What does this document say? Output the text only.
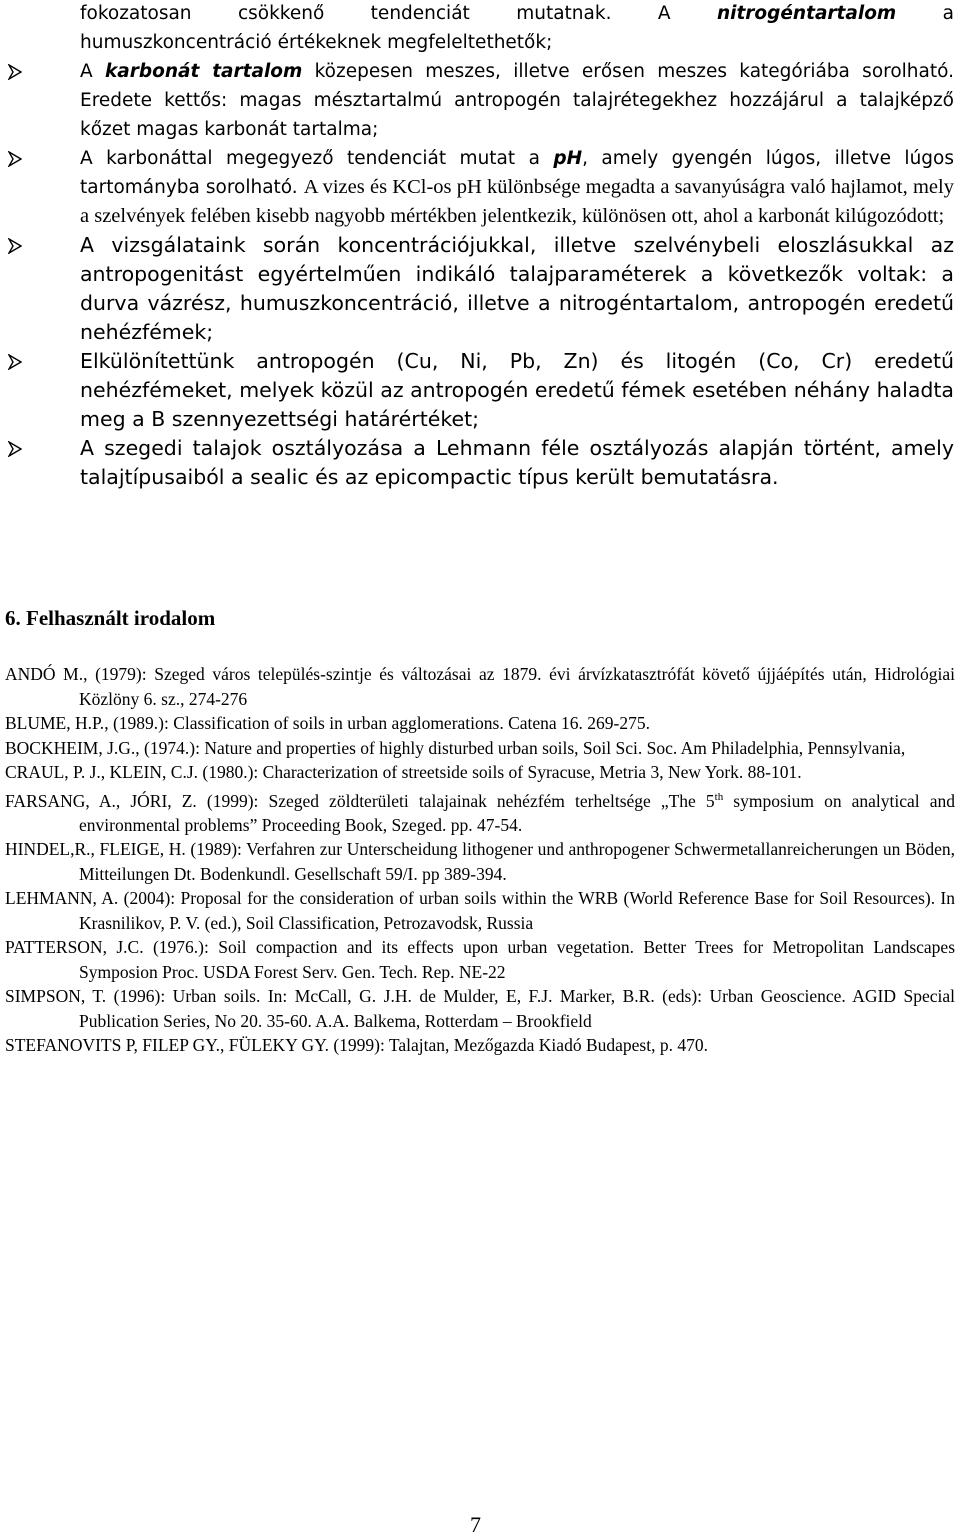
fokozatosan csökkenő tendenciát mutatnak. A	nitrogéntartalom	a

humuszkoncentráció értékeknek megfeleltethetők;

A karbonát tartalom közepesen meszes, illetve erősen meszes kategóriába sorolható. Eredete kettős: magas mésztartalmú antropogén talajrétegekhez hozzájárul a talajképző kőzet magas karbonát tartalma;

A karbonáttal megegyező tendenciát mutat a pH, amely gyengén lúgos, illetve lúgos tartományba sorolható. A vizes és KCl-os pH különbsége megadta a savanyúságra való hajlamot, mely a szelvények felében kisebb nagyobb mértékben jelentkezik, különösen ott, ahol a karbonát kilúgozódott;

A vizsgálataink során koncentrációjukkal, illetve szelvénybeli eloszlásukkal az antropogenitást egyértelműen indikáló talajparaméterek a következők voltak: a durva vázrész, humuszkoncentráció, illetve a nitrogéntartalom, antropogén eredetű nehézfémek;

Elkülönítettünk antropogén (Cu, Ni, Pb, Zn) és litogén (Co, Cr) eredetű nehézfémeket, melyek közül az antropogén eredetű fémek esetében néhány haladta meg a B szennyezettségi határértéket;

A szegedi talajok osztályozása a Lehmann féle osztályozás alapján történt, amely talajtípusaiból a sealic és az epicompactic típus került bemutatásra.

6. Felhasznált irodalom

ANDÓ M., (1979): Szeged város település-szintje és változásai az 1879. évi árvízkatasztrófát követő újjáépítés után, Hidrológiai Közlöny 6. sz., 274-276

BLUME, H.P., (1989.): Classification of soils in urban agglomerations. Catena 16. 269-275.

BOCKHEIM, J.G., (1974.): Nature and properties of highly disturbed urban soils, Soil Sci. Soc. Am Philadelphia, Pennsylvania,

CRAUL, P. J., KLEIN, C.J. (1980.): Characterization of streetside soils of Syracuse, Metria 3, New York. 88-101.

FARSANG, A., JÓRI, Z. (1999): Szeged zöldterületi talajainak nehézfém terheltsége „The 5th symposium on analytical and environmental problems” Proceeding Book, Szeged. pp. 47-54.

HINDEL,R., FLEIGE, H. (1989): Verfahren zur Unterscheidung lithogener und anthropogener Schwermetallanreicherungen un Böden, Mitteilungen Dt. Bodenkundl. Gesellschaft 59/I. pp 389-394.

LEHMANN, A. (2004): Proposal for the consideration of urban soils within the WRB (World Reference Base for Soil Resources). In Krasnilikov, P. V. (ed.), Soil Classification, Petrozavodsk, Russia

PATTERSON, J.C. (1976.): Soil compaction and its effects upon urban vegetation. Better Trees for Metropolitan Landscapes Symposion Proc. USDA Forest Serv. Gen. Tech. Rep. NE-22

SIMPSON, T. (1996): Urban soils. In: McCall, G. J.H. de Mulder, E, F.J. Marker, B.R. (eds): Urban Geoscience. AGID Special Publication Series, No 20. 35-60. A.A. Balkema, Rotterdam – Brookfield

STEFANOVITS P, FILEP GY., FÜLEKY GY. (1999): Talajtan, Mezőgazda Kiadó Budapest, p. 470.

7
